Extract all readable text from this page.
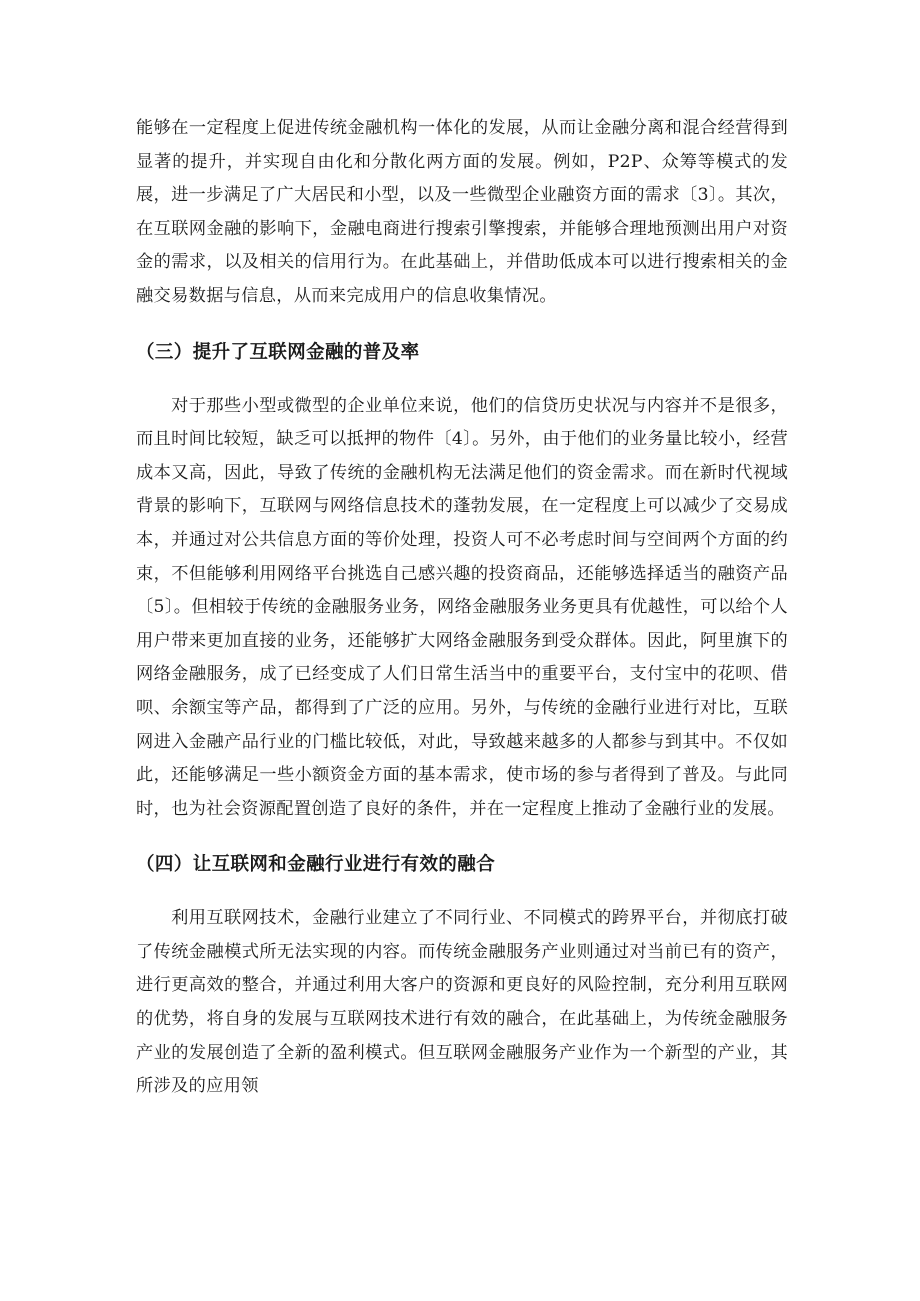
能够在一定程度上促进传统金融机构一体化的发展，从而让金融分离和混合经营得到显著的提升，并实现自由化和分散化两方面的发展。例如，P2P、众筹等模式的发展，进一步满足了广大居民和小型，以及一些微型企业融资方面的需求〔3〕。其次，在互联网金融的影响下，金融电商进行搜索引擎搜索，并能够合理地预测出用户对资金的需求，以及相关的信用行为。在此基础上，并借助低成本可以进行搜索相关的金融交易数据与信息，从而来完成用户的信息收集情况。

（三）提升了互联网金融的普及率

对于那些小型或微型的企业单位来说，他们的信贷历史状况与内容并不是很多，而且时间比较短，缺乏可以抵押的物件〔4〕。另外，由于他们的业务量比较小，经营成本又高，因此，导致了传统的金融机构无法满足他们的资金需求。而在新时代视域背景的影响下，互联网与网络信息技术的蓬勃发展，在一定程度上可以减少了交易成本，并通过对公共信息方面的等价处理，投资人可不必考虑时间与空间两个方面的约束，不但能够利用网络平台挑选自己感兴趣的投资商品，还能够选择适当的融资产品〔5〕。但相较于传统的金融服务业务，网络金融服务业务更具有优越性，可以给个人用户带来更加直接的业务，还能够扩大网络金融服务到受众群体。因此，阿里旗下的网络金融服务，成了已经变成了人们日常生活当中的重要平台，支付宝中的花呗、借呗、余额宝等产品，都得到了广泛的应用。另外，与传统的金融行业进行对比，互联网进入金融产品行业的门槛比较低，对此，导致越来越多的人都参与到其中。不仅如此，还能够满足一些小额资金方面的基本需求，使市场的参与者得到了普及。与此同时，也为社会资源配置创造了良好的条件，并在一定程度上推动了金融行业的发展。

（四）让互联网和金融行业进行有效的融合

利用互联网技术，金融行业建立了不同行业、不同模式的跨界平台，并彻底打破了传统金融模式所无法实现的内容。而传统金融服务产业则通过对当前已有的资产，进行更高效的整合，并通过利用大客户的资源和更良好的风险控制，充分利用互联网的优势，将自身的发展与互联网技术进行有效的融合，在此基础上，为传统金融服务产业的发展创造了全新的盈利模式。但互联网金融服务产业作为一个新型的产业，其所涉及的应用领
